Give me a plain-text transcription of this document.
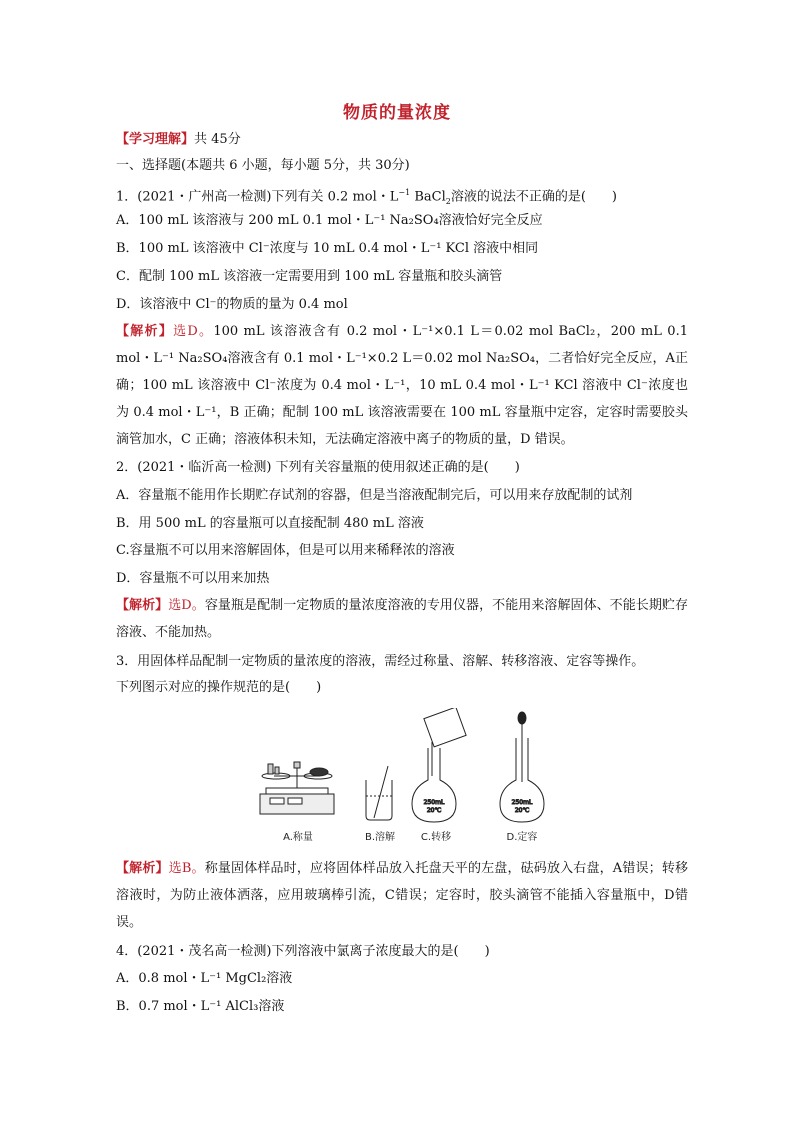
物质的量浓度
【学习理解】共 45分
一、选择题(本题共 6 小题，每小题 5分，共 30分)
1．(2021・广州高一检测)下列有关 0.2 mol・$L^{-1}$ BaCl$_2$溶液的说法不正确的是(　　)
A．100 mL 该溶液与 200 mL 0.1 mol・L⁻¹ Na₂SO₄溶液恰好完全反应
B．100 mL 该溶液中 Cl⁻浓度与 10 mL 0.4 mol・L⁻¹ KCl 溶液中相同
C．配制 100 mL 该溶液一定需要用到 100 mL 容量瓶和胶头滴管
D．该溶液中 Cl⁻的物质的量为 0.4 mol
【解析】选D。100 mL 该溶液含有 0.2 mol・L⁻¹×0.1 L＝0.02 mol BaCl₂，200 mL 0.1 mol・L⁻¹ Na₂SO₄溶液含有 0.1 mol・L⁻¹×0.2 L＝0.02 mol Na₂SO₄，二者恰好完全反应，A正确；100 mL 该溶液中 Cl⁻浓度为 0.4 mol・L⁻¹，10 mL 0.4 mol・L⁻¹ KCl 溶液中 Cl⁻浓度也为 0.4 mol・L⁻¹，B 正确；配制 100 mL 该溶液需要在 100 mL 容量瓶中定容，定容时需要胶头滴管加水，C 正确；溶液体积未知，无法确定溶液中离子的物质的量，D 错误。
2．(2021・临沂高一检测) 下列有关容量瓶的使用叙述正确的是(　　)
A．容量瓶不能用作长期贮存试剂的容器，但是当溶液配制完后，可以用来存放配制的试剂
B．用 500 mL 的容量瓶可以直接配制 480 mL 溶液
C.容量瓶不可以用来溶解固体，但是可以用来稀释浓的溶液
D．容量瓶不可以用来加热
【解析】选D。容量瓶是配制一定物质的量浓度溶液的专用仪器，不能用来溶解固体、不能长期贮存溶液、不能加热。
3．用固体样品配制一定物质的量浓度的溶液，需经过称量、溶解、转移溶液、定容等操作。
下列图示对应的操作规范的是(　　)
250mL
20℃
250mL
20℃
A.称量	B.溶解	C.转移	D.定容
【解析】选B。称量固体样品时，应将固体样品放入托盘天平的左盘，砝码放入右盘，A错误；转移溶液时，为防止液体洒落，应用玻璃棒引流，C错误；定容时，胶头滴管不能插入容量瓶中，D错误。
4．(2021・茂名高一检测)下列溶液中氯离子浓度最大的是(　　)
A．0.8 mol・L⁻¹ MgCl₂溶液
B．0.7 mol・L⁻¹ AlCl₃溶液
